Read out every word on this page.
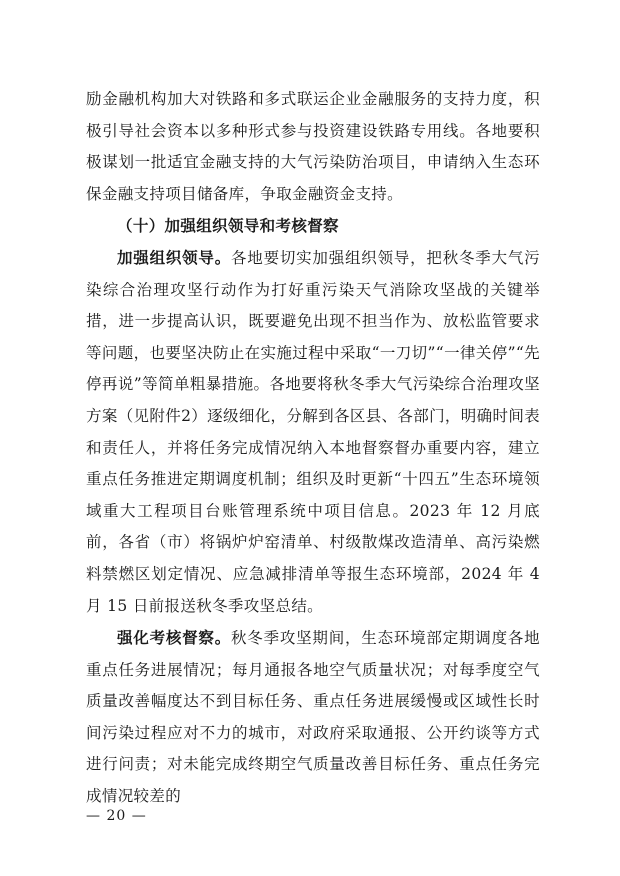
励金融机构加大对铁路和多式联运企业金融服务的支持力度，积极引导社会资本以多种形式参与投资建设铁路专用线。各地要积极谋划一批适宜金融支持的大气污染防治项目，申请纳入生态环保金融支持项目储备库，争取金融资金支持。

（十）加强组织领导和考核督察

加强组织领导。各地要切实加强组织领导，把秋冬季大气污染综合治理攻坚行动作为打好重污染天气消除攻坚战的关键举措，进一步提高认识，既要避免出现不担当作为、放松监管要求等问题，也要坚决防止在实施过程中采取“一刀切”“一律关停”“先停再说”等简单粗暴措施。各地要将秋冬季大气污染综合治理攻坚方案（见附件2）逐级细化，分解到各区县、各部门，明确时间表和责任人，并将任务完成情况纳入本地督察督办重要内容，建立重点任务推进定期调度机制；组织及时更新“十四五”生态环境领域重大工程项目台账管理系统中项目信息。2023 年 12 月底前，各省（市）将锅炉炉窑清单、村级散煤改造清单、高污染燃料禁燃区划定情况、应急减排清单等报生态环境部，2024 年 4 月 15 日前报送秋冬季攻坚总结。

强化考核督察。秋冬季攻坚期间，生态环境部定期调度各地重点任务进展情况；每月通报各地空气质量状况；对每季度空气质量改善幅度达不到目标任务、重点任务进展缓慢或区域性长时间污染过程应对不力的城市，对政府采取通报、公开约谈等方式进行问责；对未能完成终期空气质量改善目标任务、重点任务完成情况较差的

— 20 —
